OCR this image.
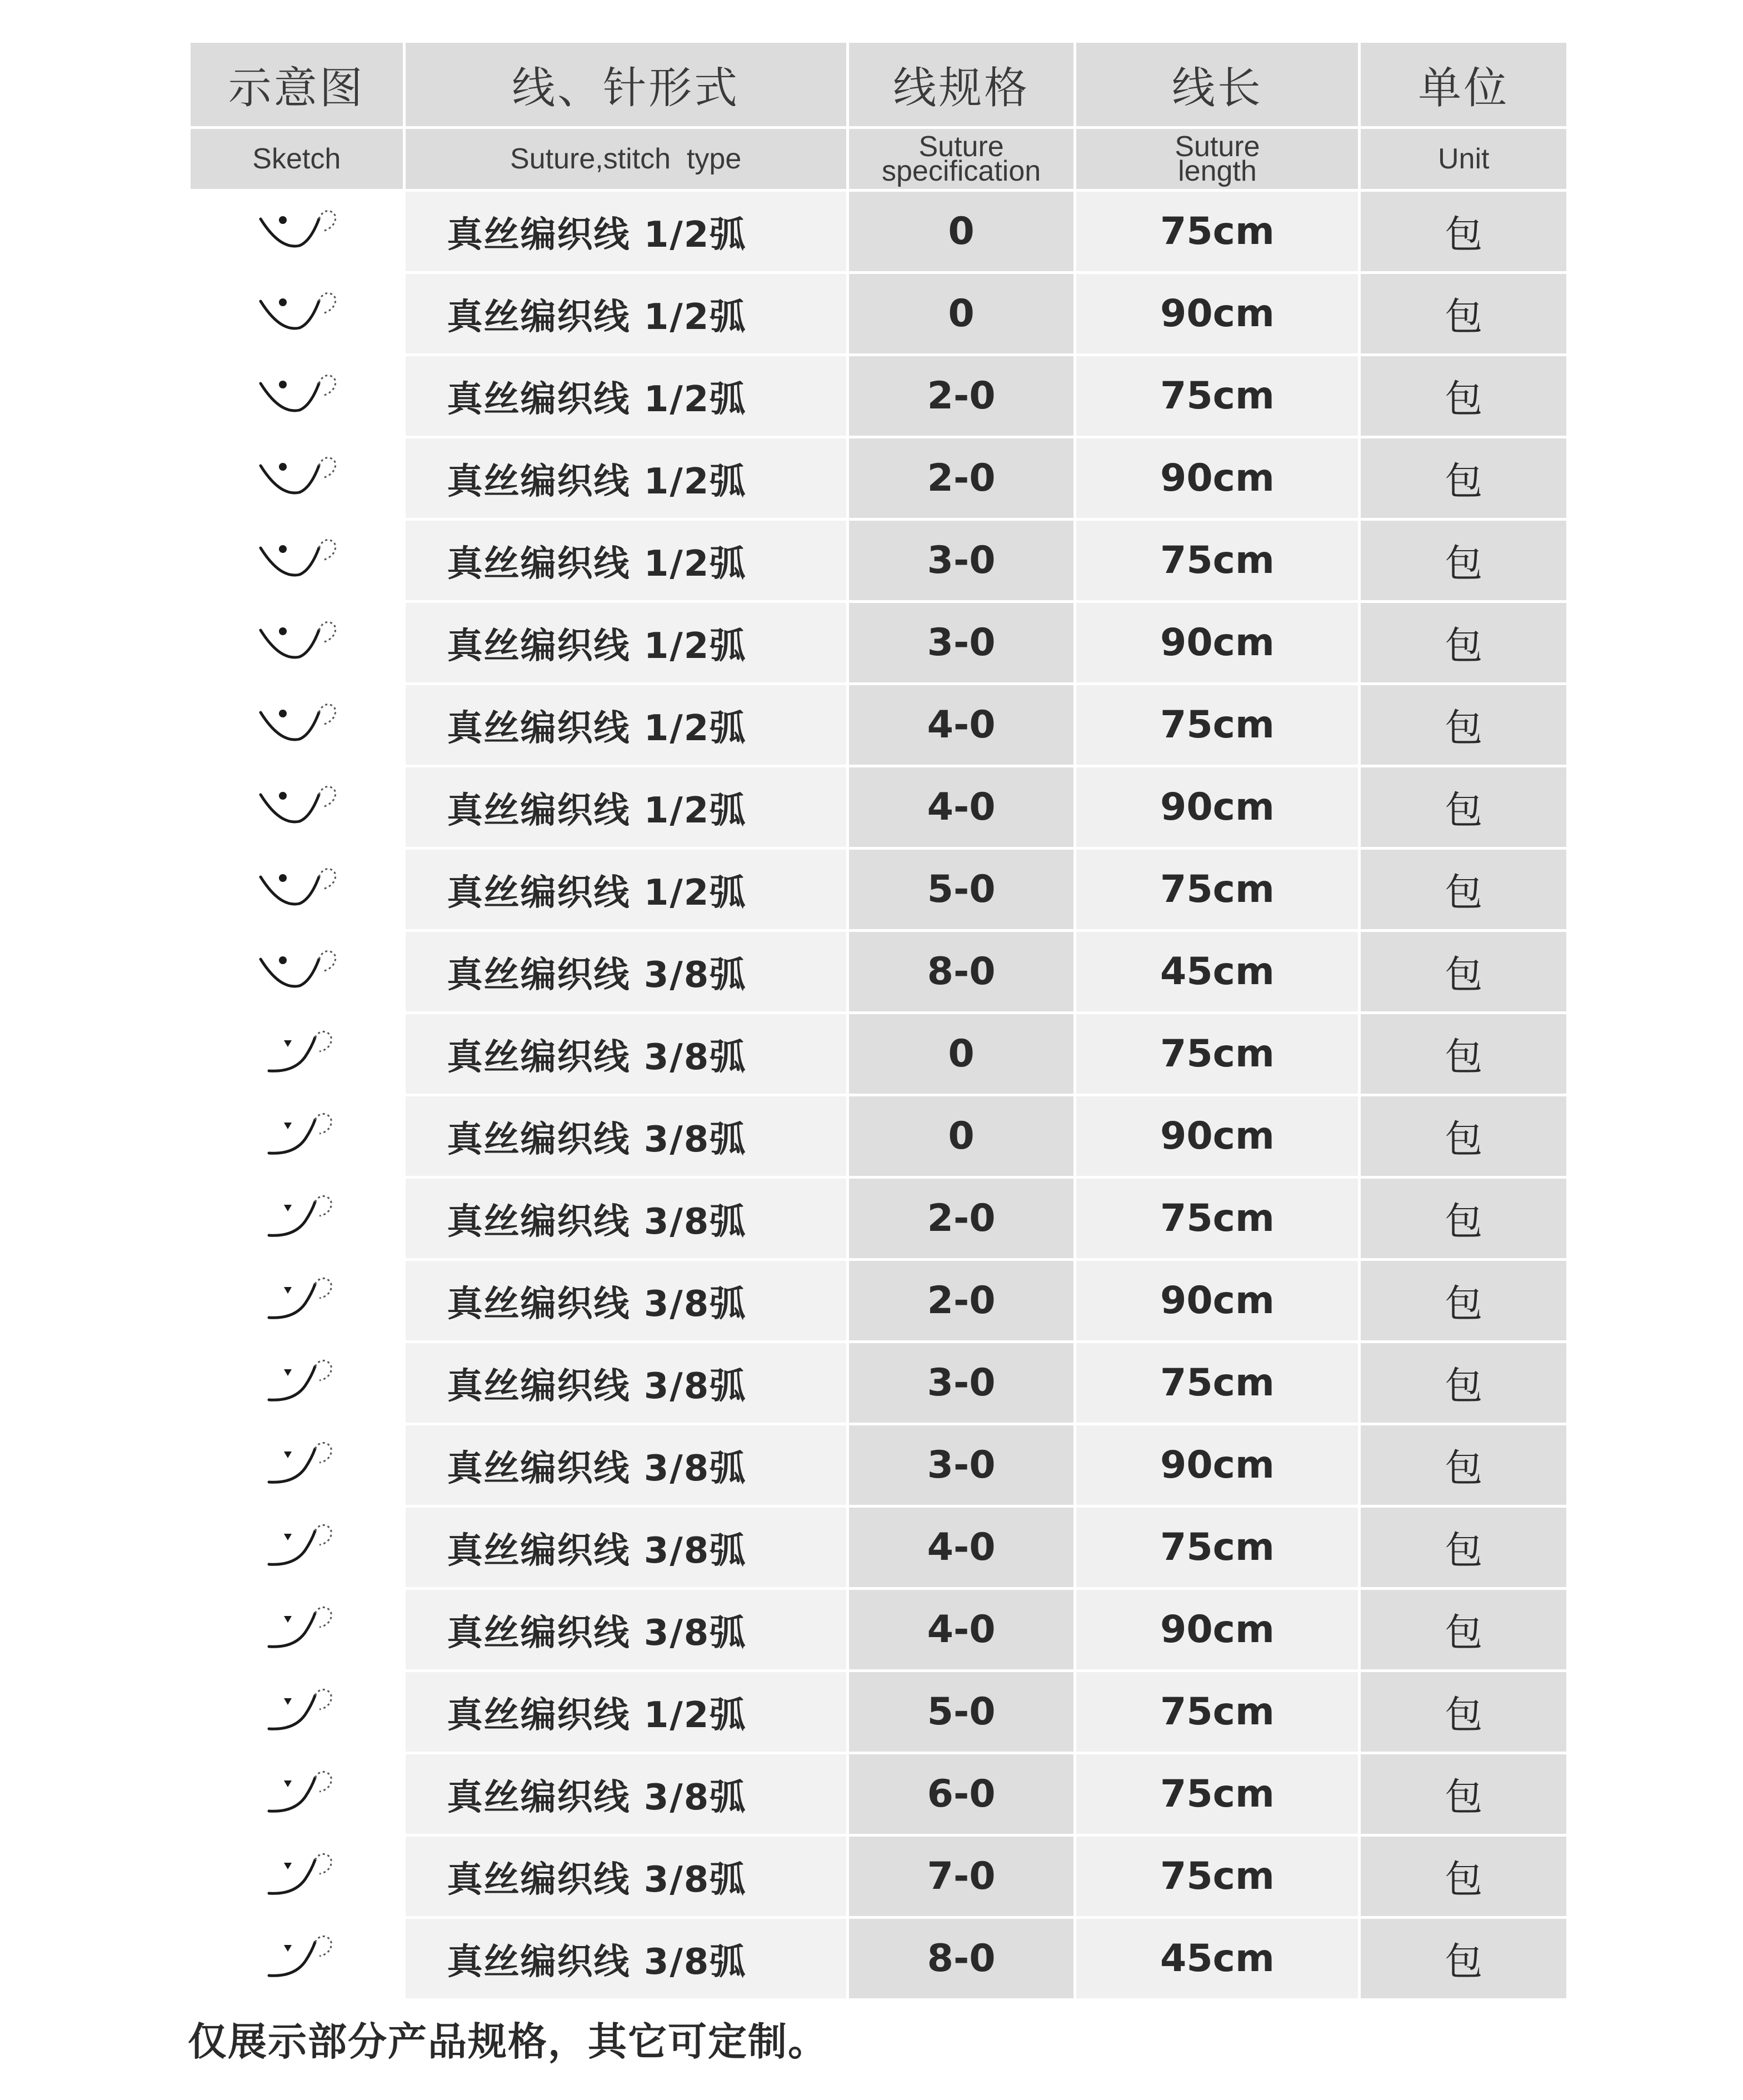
示意图	线、针形式	线规格	线长	单位
Sketch	Suture,stitch  type	Suture specification	Suture length	Unit

	真丝编织线 1/2弧	0	75cm	包

	真丝编织线 1/2弧	0	90cm	包

	真丝编织线 1/2弧	2-0	75cm	包

	真丝编织线 1/2弧	2-0	90cm	包

	真丝编织线 1/2弧	3-0	75cm	包

	真丝编织线 1/2弧	3-0	90cm	包

	真丝编织线 1/2弧	4-0	75cm	包

	真丝编织线 1/2弧	4-0	90cm	包

	真丝编织线 1/2弧	5-0	75cm	包

	真丝编织线 3/8弧	8-0	45cm	包

	真丝编织线 3/8弧	0	75cm	包

	真丝编织线 3/8弧	0	90cm	包

	真丝编织线 3/8弧	2-0	75cm	包

	真丝编织线 3/8弧	2-0	90cm	包

	真丝编织线 3/8弧	3-0	75cm	包

	真丝编织线 3/8弧	3-0	90cm	包

	真丝编织线 3/8弧	4-0	75cm	包

	真丝编织线 3/8弧	4-0	90cm	包

	真丝编织线 1/2弧	5-0	75cm	包

	真丝编织线 3/8弧	6-0	75cm	包

	真丝编织线 3/8弧	7-0	75cm	包

	真丝编织线 3/8弧	8-0	45cm	包
仅展示部分产品规格，其它可定制。
